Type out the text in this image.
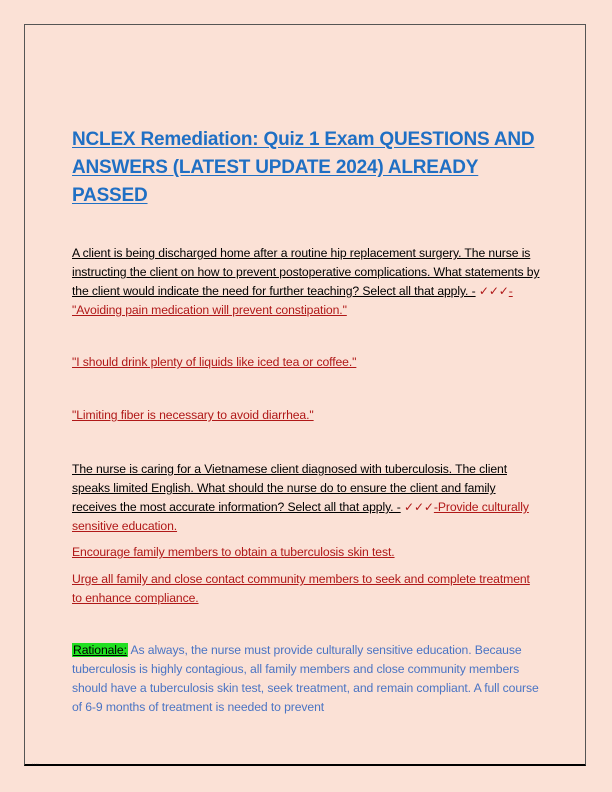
NCLEX Remediation: Quiz 1 Exam QUESTIONS AND ANSWERS (LATEST UPDATE 2024) ALREADY PASSED
A client is being discharged home after a routine hip replacement surgery. The nurse is instructing the client on how to prevent postoperative complications. What statements by the client would indicate the need for further teaching? Select all that apply. - ✓✓✓-"Avoiding pain medication will prevent constipation."
"I should drink plenty of liquids like iced tea or coffee."
"Limiting fiber is necessary to avoid diarrhea."
The nurse is caring for a Vietnamese client diagnosed with tuberculosis. The client speaks limited English. What should the nurse do to ensure the client and family receives the most accurate information? Select all that apply. - ✓✓✓-Provide culturally sensitive education.
Encourage family members to obtain a tuberculosis skin test.
Urge all family and close contact community members to seek and complete treatment to enhance compliance.
Rationale: As always, the nurse must provide culturally sensitive education. Because tuberculosis is highly contagious, all family members and close community members should have a tuberculosis skin test, seek treatment, and remain compliant. A full course of 6-9 months of treatment is needed to prevent
' ' ' '
